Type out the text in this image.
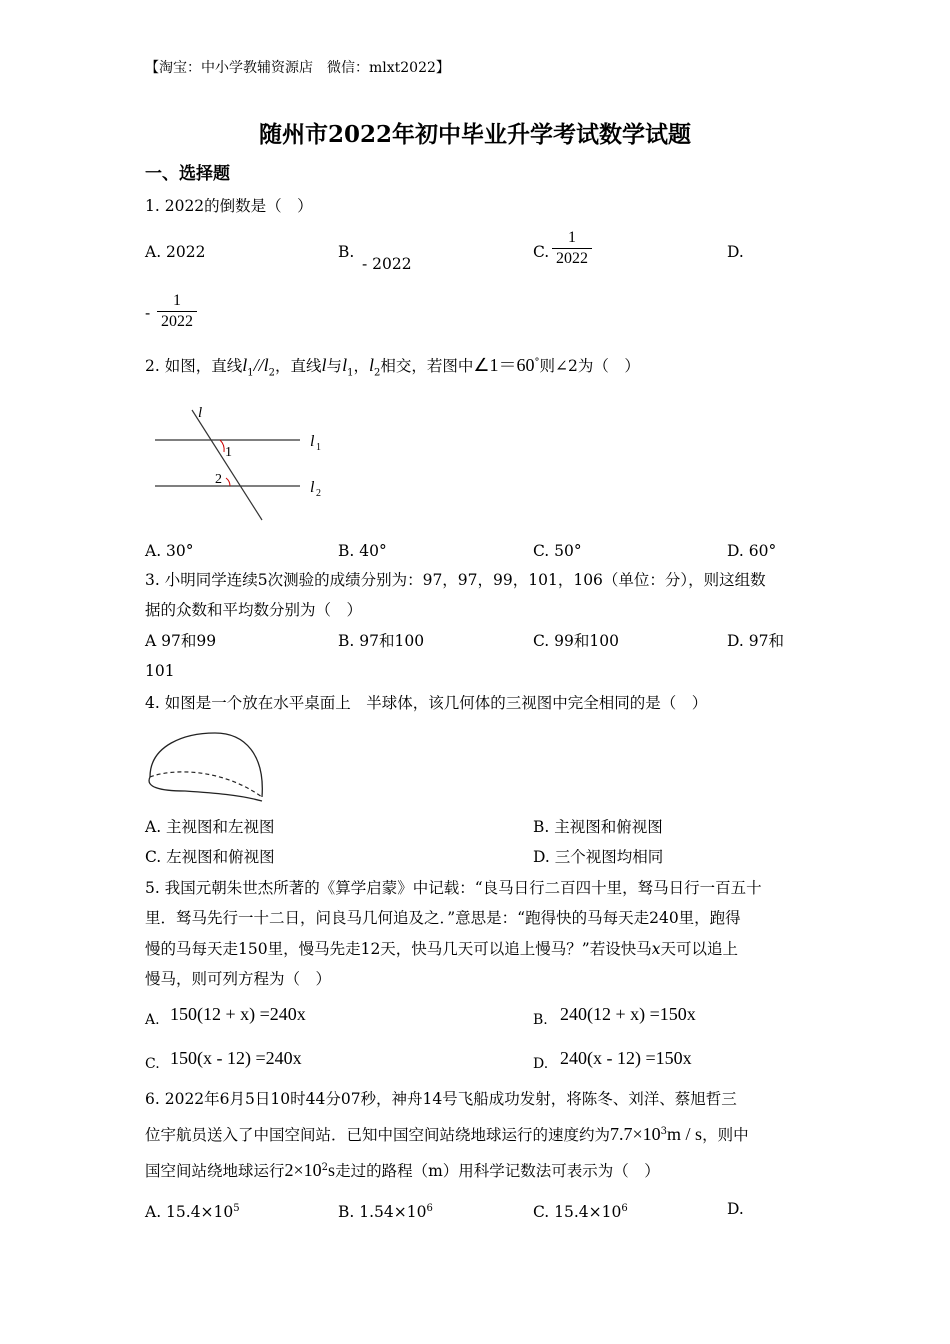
【淘宝：中小学教辅资源店　微信：mlxt2022】
随州市2022年初中毕业升学考试数学试题
一、选择题
1. 2022的倒数是（　）
A. 2022	B.
- 2022
C. $\frac{1}{2022}$	D.
- $\frac{1}{2022}$
2. 如图，直线$l_1//l_2$，直线l与$l_1$，$l_2$相交，若图中∠1＝60°则∠2为（　）
l
1
2
l 1
l 2
A. 30°	B. 40°	C. 50°	D. 60°
3. 小明同学连续5次测验的成绩分别为：97，97，99，101，106（单位：分），则这组数
据的众数和平均数分别为（　）
A 97和99	B. 97和100	C. 99和100	D. 97和
101
4. 如图是一个放在水平桌面上　半球体，该几何体的三视图中完全相同的是（　）
A. 主视图和左视图	B. 主视图和俯视图
C. 左视图和俯视图	D. 三个视图均相同
5. 我国元朝朱世杰所著的《算学启蒙》中记载：“良马日行二百四十里，驽马日行一百五十
里．驽马先行一十二日，问良马几何追及之．”意思是：“跑得快的马每天走240里，跑得
慢的马每天走150里，慢马先走12天，快马几天可以追上慢马？”若设快马x天可以追上
慢马，则可列方程为（　）
A. 150(12 + x) =240x	B. 240(12 + x) =150x
C. 150(x - 12) =240x	D. 240(x - 12) =150x
6. 2022年6月5日10时44分07秒，神舟14号飞船成功发射，将陈冬、刘洋、蔡旭哲三
位宇航员送入了中国空间站．已知中国空间站绕地球运行的速度约为$7.7\times 10^3m / s$，则中
国空间站绕地球运行$2\times 10^2s$走过的路程（m）用科学记数法可表示为（　）
A. $15.4\times 10^5$	B. $1.54\times 10^6$	C. $15.4\times 10^6$	D.
